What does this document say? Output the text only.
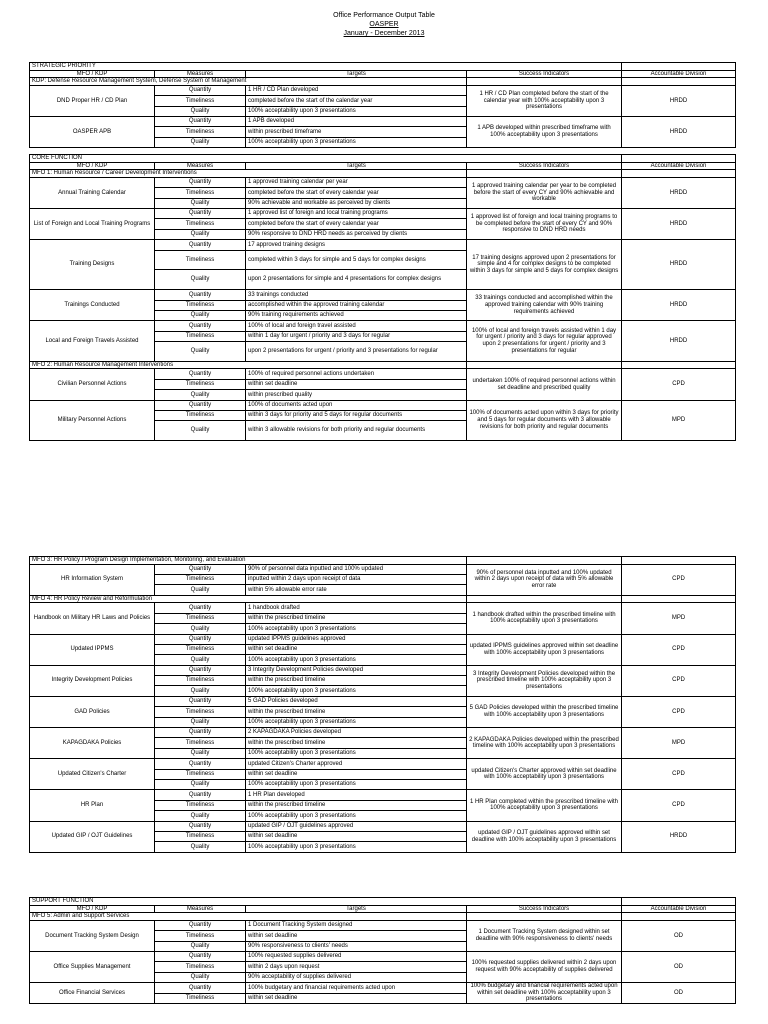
Office Performance Output Table
OASPER
January - December 2013
STRATEGIC PRIORITY				
MFO / KDP	Measures	Targets	Success Indicators	Accountable Division
KDP: Defense Resource Management System, Defense System of Management				
DND Proper HR / CD Plan	Quantity	1 HR / CD Plan developed	1 HR / CD Plan completed before the start of the calendar year with 100% acceptability upon 3 presentations	HRDD
	Timeliness	completed before the start of the calendar year		
	Quality	100% acceptability upon 3 presentations		
OASPER APB	Quantity	1 APB developed	1 APB developed within prescribed timeframe with 100% acceptability upon 3 presentations	HRDD
	Timeliness	within prescribed timeframe		
	Quality	100% acceptability upon 3 presentations		

CORE FUNCTION				
MFO / KDP	Measures	Targets	Success Indicators	Accountable Division
MFO 1: Human Resource / Career Development Interventions				
Annual Training Calendar	Quantity	1 approved training calendar per year	1 approved training calendar per year to be completed before the start of every CY and 90% achievable and workable	HRDD
	Timeliness	completed before the start of every calendar year		
	Quality	90% achievable and workable as perceived by clients		
List of Foreign and Local Training Programs	Quantity	1 approved list of foreign and local training programs	1 approved list of foreign and local training programs to be completed before the start of every CY and 90% responsive to DND HRD needs	HRDD
	Timeliness	completed before the start of every calendar year		
	Quality	90% responsive to DND HRD needs as perceived by clients		
Training Designs	Quantity	17 approved training designs	17 training designs approved upon 2 presentations for simple and 4 for complex designs to be completed within 3 days for simple and 5 days for complex designs	HRDD
	Timeliness	completed within 3 days for simple and 5 days for complex designs		
	Quality	upon 2 presentations for simple and 4 presentations for complex designs		
Trainings Conducted	Quantity	33 trainings conducted	33 trainings conducted and accomplished within the approved training calendar with 90% training requirements achieved	HRDD
	Timeliness	accomplished within the approved training calendar		
	Quality	90% training requirements achieved		
Local and Foreign Travels Assisted	Quantity	100% of local and foreign travel assisted	100% of local and foreign travels assisted within 1 day for urgent / priority and 3 days for regular approved upon 2 presentations for urgent / priority and 3 presentations for regular	HRDD
	Timeliness	within 1 day for urgent / priority and 3 days for regular		
	Quality	upon 2 presentations for urgent / priority and 3 presentations for regular		
MFO 2: Human Resource Management Interventions				
Civilian Personnel Actions	Quantity	100% of required personnel actions undertaken	undertaken 100% of required personnel actions within set deadline and prescribed quality	CPD
	Timeliness	within set deadline		
	Quality	within prescribed quality		
Military Personnel Actions	Quantity	100% of documents acted upon	100% of documents acted upon within 3 days for priority and 5 days for regular documents with 3 allowable revisions for both priority and regular documents	MPD
	Timeliness	within 3 days for priority and 5 days for regular documents		
	Quality	within 3 allowable revisions for both priority and regular documents		
MFO 3: HR Policy / Program Design Implementation, Monitoring, and Evaluation				
HR Information System	Quantity	90% of personnel data inputted and 100% updated	90% of personnel data inputted and 100% updated within 2 days upon receipt of data with 5% allowable error rate	CPD
	Timeliness	inputted within 2 days upon receipt of data		
	Quality	within 5% allowable error rate		
MFO 4: HR Policy Review and Reformulation				
Handbook on Military HR Laws and Policies	Quantity	1 handbook drafted	1 handbook drafted within the prescribed timeline with 100% acceptability upon 3 presentations	MPD
	Timeliness	within the prescribed timeline		
	Quality	100% acceptability upon 3 presentations		
Updated IPPMS	Quantity	updated IPPMS guidelines approved	updated IPPMS guidelines approved within set deadline with 100% acceptability upon 3 presentations	CPD
	Timeliness	within set deadline		
	Quality	100% acceptability upon 3 presentations		
Integrity Development Policies	Quantity	3 Integrity Development Policies developed	3 Integrity Development Policies developed within the prescribed timeline with 100% acceptability upon 3 presentations	CPD
	Timeliness	within the prescribed timeline		
	Quality	100% acceptability upon 3 presentations		
GAD Policies	Quantity	5 GAD Policies developed	5 GAD Policies developed within the prescribed timeline with 100% acceptability upon 3 presentations	CPD
	Timeliness	within the prescribed timeline		
	Quality	100% acceptability upon 3 presentations		
KAPAGDAKA Policies	Quantity	2 KAPAGDAKA Policies developed	2 KAPAGDAKA Policies developed within the prescribed timeline with 100% acceptability upon 3 presentations	MPD
	Timeliness	within the prescribed timeline		
	Quality	100% acceptability upon 3 presentations		
Updated Citizen's Charter	Quantity	updated Citizen's Charter approved	updated Citizen's Charter approved within set deadline with 100% acceptability upon 3 presentations	CPD
	Timeliness	within set deadline		
	Quality	100% acceptability upon 3 presentations		
HR Plan	Quantity	1 HR Plan developed	1 HR Plan completed within the prescribed timeline with 100% acceptability upon 3 presentations	CPD
	Timeliness	within the prescribed timeline		
	Quality	100% acceptability upon 3 presentations		
Updated GIP / OJT Guidelines	Quantity	updated GIP / OJT guidelines approved	updated GIP / OJT guidelines approved within set deadline with 100% acceptability upon 3 presentations	HRDD
	Timeliness	within set deadline		
	Quality	100% acceptability upon 3 presentations		
SUPPORT FUNCTION				
MFO / KDP	Measures	Targets	Success Indicators	Accountable Division
MFO 5: Admin and Support Services				
Document Tracking System Design	Quantity	1 Document Tracking System designed	1 Document Tracking System designed within set deadline with 90% responsiveness to clients' needs	OD
	Timeliness	within set deadline		
	Quality	90% responsiveness to clients' needs		
Office Supplies Management	Quantity	100% requested supplies delivered	100% requested supplies delivered within 2 days upon request with 90% acceptability of supplies delivered	OD
	Timeliness	within 2 days upon request		
	Quality	90% acceptability of supplies delivered		
Office Financial Services	Quantity	100% budgetary and financial requirements acted upon	100% budgetary and financial requirements acted upon within set deadline with 100% acceptability upon 3 presentations	OD
	Timeliness	within set deadline		
